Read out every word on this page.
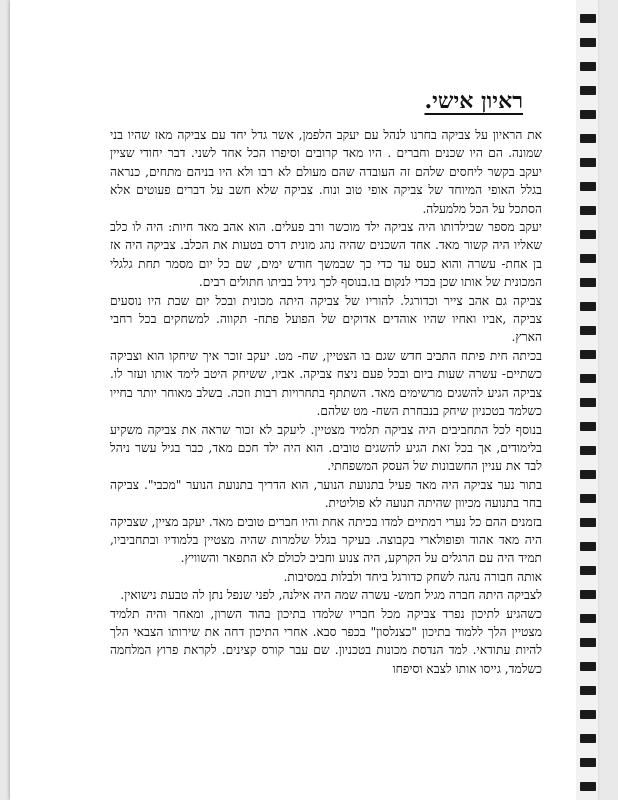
ראיון אישי.

את הראיון על צביקה בחרנו לנהל עם יעקב הלפמן, אשר גדל יחד עם צביקה מאז שהיו בני שמונה. הם היו שכנים וחברים . היו מאד קרובים וסיפרו הכל אחד לשני. דבר יחודי שציין יעקב בקשר ליחסים שלהם זה העובדה שהם מעולם לא רבו ולא היו בניהם מתחים, כנראה בגלל האופי המיוחד של צביקה אופי טוב ונוח. צביקה שלא חשב על דברים פעוטים אלא הסתכל על הכל מלמעלה.

יעקב מספר שבילדותו היה צביקה ילד מוכשר ורב פעלים. הוא אהב מאד חיות: היה לו כלב שאליו היה קשור מאד. אחד השכנים שהיה נהג מונית דרס בטעות את הכלב. צביקה היה אז בן אחת- עשרה והוא כעס עד כדי כך שבמשך חודש ימים, שם כל יום מסמר תחת גלגלי המכונית של אותו שכן בכדי לנקום בו.בנוסף לכך גידל בביתו חתולים רבים.

צביקה גם אהב צייר וכדורגל. להוריו של צביקה היתה מכונית ובכל יום שבת היו נוסעים צביקה ,אביו ואחיו שהיו אוהדים אדוקים של הפועל פתח- תקווה. למשחקים בכל רחבי הארץ.

בכיתה חית פיתח התביב חדש שגם בו הצטיין, שח- מט. יעקב זוכר איך שיחקו הוא וצביקה כשתיים- עשרה שעות ביום ובכל פעם ניצח צביקה. אביו, ששיחק היטב לימד אותו ועזר לו. צביקה הגיע להשגים מרשימים מאד. השתתף בתחרויות רבות וזכה. בשלב מאוחר יותר בחייו כשלמד בטכניון שיחק בנבחרת השח- מט שלהם.

בנוסף לכל התחביבים היה צביקה תלמיד מצטיין. ליעקב לא זכור שראה את צביקה משקיע בלימודים, אך בכל זאת הגיע להשגים טובים. הוא היה ילד חכם מאד, כבר בגיל עשר ניהל לבד את עניין החשבונות של העסק המשפחתי.

בתור נער צביקה היה מאד פעיל בתנועת הנוער, הוא הדריך בתנועת הנוער "מכבי". צביקה בחר בתנועה מכיוון שהיתה תנועה לא פוליטית.

בזמנים ההם כל נערי רמתיים למדו בכיתה אחת והיו חברים טובים מאד. יעקב מציין, שצביקה היה מאד אהוד ופופולארי בקבוצה. בעיקר בגלל שלמרות שהיה מצטיין בלמודיו ובתחביביו, תמיד היה עם הרגלים על הקרקע, היה צנוע וחביב לכולם לא התפאר והשוויץ.

אותה חבורה נהגה לשחק כדורגל ביחד ולבלות במסיבות.

לצביקה היתה חברה מגיל חמש- עשרה שמה היה אילנה, לפני שנפל נתן לה טבעת נישואין.

כשהגיע לתיכון נפרד צביקה מכל חבריו שלמדו בתיכון בהוד השרון, ומאחר והיה תלמיד מצטיין הלך ללמוד בתיכון "כצנלסון" בכפר סבא. אחרי התיכון דחה את שירותו הצבאי הלך להיות עתודאי. למד הנדסת מכונות בטכניון. שם עבר קורס קצינים. לקראת פרוץ המלחמה כשלמד, גייסו אותו לצבא וסיפחו
